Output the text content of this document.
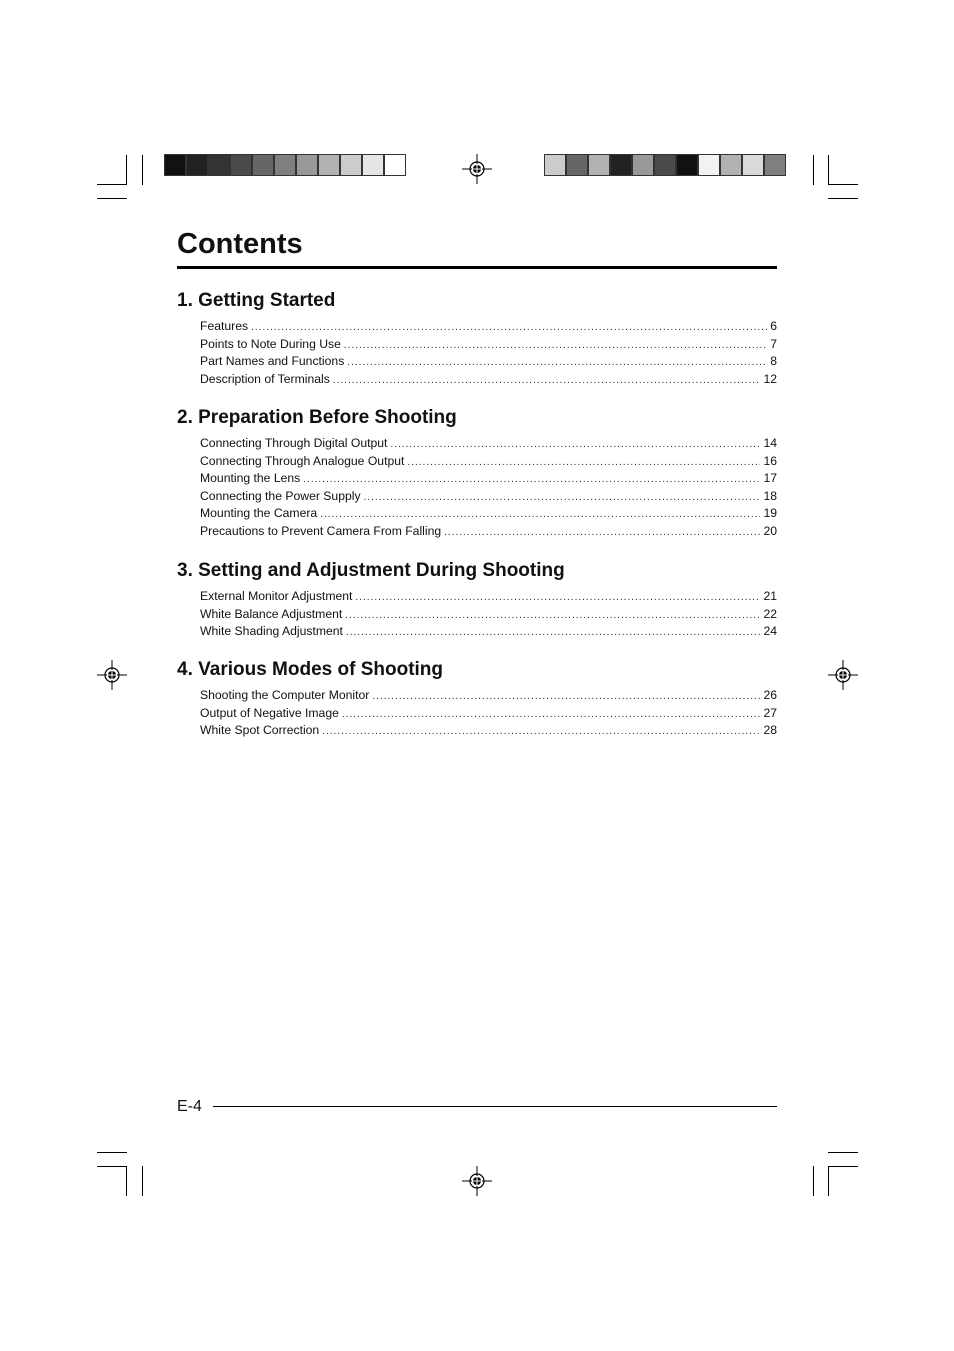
Contents
1. Getting Started
Features .....	6
Points to Note During Use .....	7
Part Names and Functions .....	8
Description of Terminals .....	12
2. Preparation Before Shooting
Connecting Through Digital Output .....	14
Connecting Through Analogue Output .....	16
Mounting the Lens .....	17
Connecting the Power Supply .....	18
Mounting the Camera .....	19
Precautions to Prevent Camera From Falling .....	20
3. Setting and Adjustment During Shooting
External Monitor Adjustment .....	21
White Balance Adjustment .....	22
White Shading Adjustment .....	24
4. Various Modes of Shooting
Shooting the Computer Monitor .....	26
Output of Negative Image .....	27
White Spot Correction .....	28
E-4
